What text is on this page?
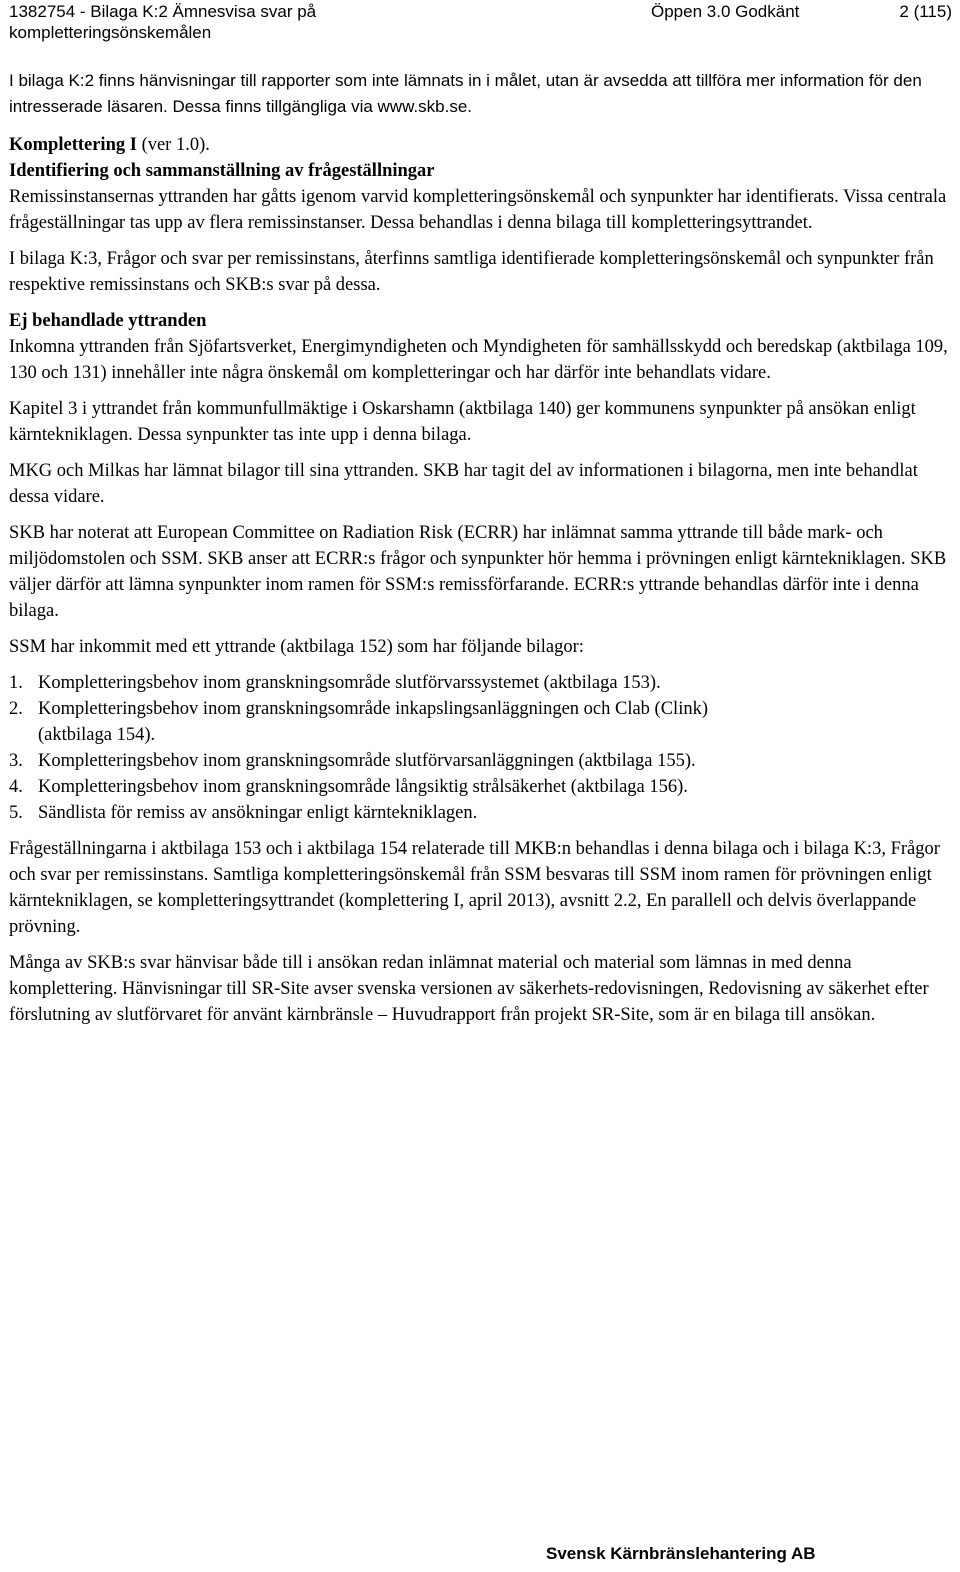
1382754 - Bilaga K:2 Ämnesvisa svar på
kompletteringsönskemålen
Öppen 3.0 Godkänt	2 (115)

I bilaga K:2 finns hänvisningar till rapporter som inte lämnats in i målet, utan är avsedda att tillföra mer information för den intresserade läsaren. Dessa finns tillgängliga via www.skb.se.

Komplettering I (ver 1.0).

Identifiering och sammanställning av frågeställningar

Remissinstansernas yttranden har gåtts igenom varvid kompletteringsönskemål och synpunkter har identifierats. Vissa centrala frågeställningar tas upp av flera remissinstanser. Dessa behandlas i denna bilaga till kompletteringsyttrandet.

I bilaga K:3, Frågor och svar per remissinstans, återfinns samtliga identifierade kompletteringsönskemål och synpunkter från respektive remissinstans och SKB:s svar på dessa.

Ej behandlade yttranden

Inkomna yttranden från Sjöfartsverket, Energimyndigheten och Myndigheten för samhällsskydd och beredskap (aktbilaga 109, 130 och 131) innehåller inte några önskemål om kompletteringar och har därför inte behandlats vidare.

Kapitel 3 i yttrandet från kommunfullmäktige i Oskarshamn (aktbilaga 140) ger kommunens synpunkter på ansökan enligt kärntekniklagen. Dessa synpunkter tas inte upp i denna bilaga.

MKG och Milkas har lämnat bilagor till sina yttranden. SKB har tagit del av informationen i bilagorna, men inte behandlat dessa vidare.

SKB har noterat att European Committee on Radiation Risk (ECRR) har inlämnat samma yttrande till både mark- och miljödomstolen och SSM. SKB anser att ECRR:s frågor och synpunkter hör hemma i prövningen enligt kärntekniklagen. SKB väljer därför att lämna synpunkter inom ramen för SSM:s remissförfarande. ECRR:s yttrande behandlas därför inte i denna bilaga.

SSM har inkommit med ett yttrande (aktbilaga 152) som har följande bilagor:

1. Kompletteringsbehov inom granskningsområde slutförvarssystemet (aktbilaga 153).
2. Kompletteringsbehov inom granskningsområde inkapslingsanläggningen och Clab (Clink) (aktbilaga 154).
3. Kompletteringsbehov inom granskningsområde slutförvarsanläggningen (aktbilaga 155).
4. Kompletteringsbehov inom granskningsområde långsiktig strålsäkerhet (aktbilaga 156).
5. Sändlista för remiss av ansökningar enligt kärntekniklagen.

Frågeställningarna i aktbilaga 153 och i aktbilaga 154 relaterade till MKB:n behandlas i denna bilaga och i bilaga K:3, Frågor och svar per remissinstans. Samtliga kompletteringsönskemål från SSM besvaras till SSM inom ramen för prövningen enligt kärntekniklagen, se kompletteringsyttrandet (komplettering I, april 2013), avsnitt 2.2, En parallell och delvis överlappande prövning.

Många av SKB:s svar hänvisar både till i ansökan redan inlämnat material och material som lämnas in med denna komplettering. Hänvisningar till SR-Site avser svenska versionen av säkerhets-redovisningen, Redovisning av säkerhet efter förslutning av slutförvaret för använt kärnbränsle – Huvudrapport från projekt SR-Site, som är en bilaga till ansökan.

Svensk Kärnbränslehantering AB
